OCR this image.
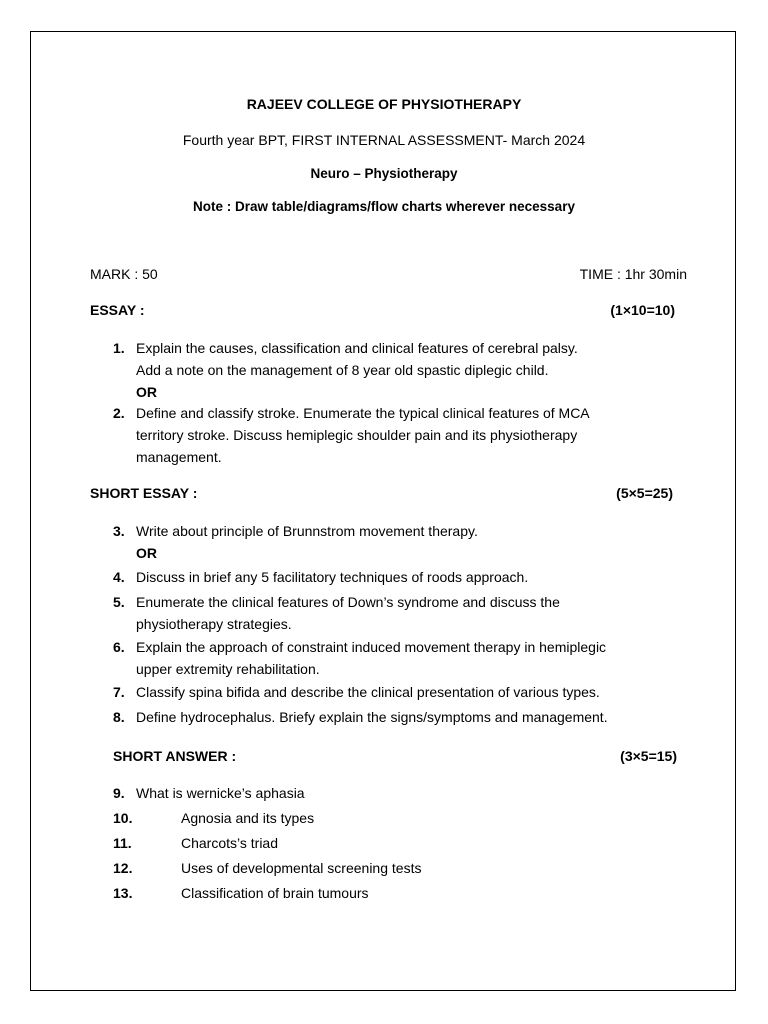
RAJEEV COLLEGE OF PHYSIOTHERAPY
Fourth year BPT, FIRST INTERNAL ASSESSMENT- March 2024
Neuro – Physiotherapy
Note : Draw table/diagrams/flow charts wherever necessary
MARK : 50	TIME : 1hr 30min
ESSAY :	(1×10=10)
1. Explain the causes, classification and clinical features of cerebral palsy.
Add a note on the management of 8 year old spastic diplegic child.
OR
2. Define and classify stroke. Enumerate the typical clinical features of MCA
territory stroke. Discuss hemiplegic shoulder pain and its physiotherapy
management.
SHORT ESSAY :	(5×5=25)
3. Write about principle of Brunnstrom movement therapy.
OR
4. Discuss in brief any 5 facilitatory techniques of roods approach.
5. Enumerate the clinical features of Down’s syndrome and discuss the
physiotherapy strategies.
6. Explain the approach of constraint induced movement therapy in hemiplegic
upper extremity rehabilitation.
7. Classify spina bifida and describe the clinical presentation of various types.
8. Define hydrocephalus. Briefy explain the signs/symptoms and management.
SHORT ANSWER :	(3×5=15)
9. What is wernicke’s aphasia
10.	Agnosia and its types
11.	Charcots’s triad
12.	Uses of developmental screening tests
13.	Classification of brain tumours
